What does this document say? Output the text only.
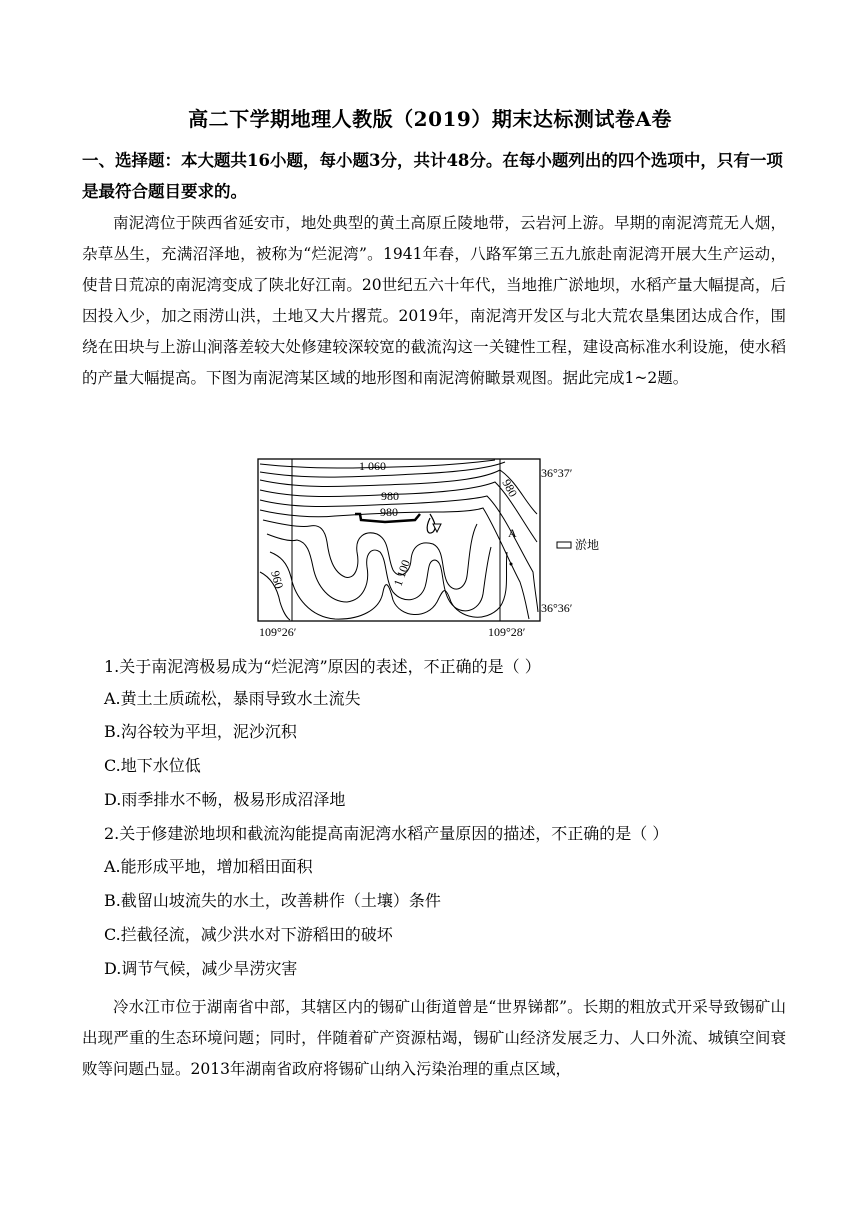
高二下学期地理人教版（2019）期末达标测试卷A卷
一、选择题：本大题共16小题，每小题3分，共计48分。在每小题列出的四个选项中，只有一项是最符合题目要求的。
南泥湾位于陕西省延安市，地处典型的黄土高原丘陵地带，云岩河上游。早期的南泥湾荒无人烟，杂草丛生，充满沼泽地，被称为“烂泥湾”。1941年春，八路军第三五九旅赴南泥湾开展大生产运动，使昔日荒凉的南泥湾变成了陕北好江南。20世纪五六十年代，当地推广淤地坝，水稻产量大幅提高，后因投入少，加之雨涝山洪，土地又大片撂荒。2019年，南泥湾开发区与北大荒农垦集团达成合作，围绕在田块与上游山涧落差较大处修建较深较宽的截流沟这一关键性工程，建设高标准水利设施，使水稻的产量大幅提高。下图为南泥湾某区域的地形图和南泥湾俯瞰景观图。据此完成1~2题。
1 060
980
980
960	1 100
980
A
36°37′
36°36′
109°26′	109°28′
淤地
1.关于南泥湾极易成为“烂泥湾”原因的表述，不正确的是（ ）
A.黄土土质疏松，暴雨导致水土流失
B.沟谷较为平坦，泥沙沉积
C.地下水位低
D.雨季排水不畅，极易形成沼泽地
2.关于修建淤地坝和截流沟能提高南泥湾水稻产量原因的描述，不正确的是（ ）
A.能形成平地，增加稻田面积
B.截留山坡流失的水土，改善耕作（土壤）条件
C.拦截径流，减少洪水对下游稻田的破坏
D.调节气候，减少旱涝灾害
冷水江市位于湖南省中部，其辖区内的锡矿山街道曾是“世界锑都”。长期的粗放式开采导致锡矿山出现严重的生态环境问题；同时，伴随着矿产资源枯竭，锡矿山经济发展乏力、人口外流、城镇空间衰败等问题凸显。2013年湖南省政府将锡矿山纳入污染治理的重点区域，
